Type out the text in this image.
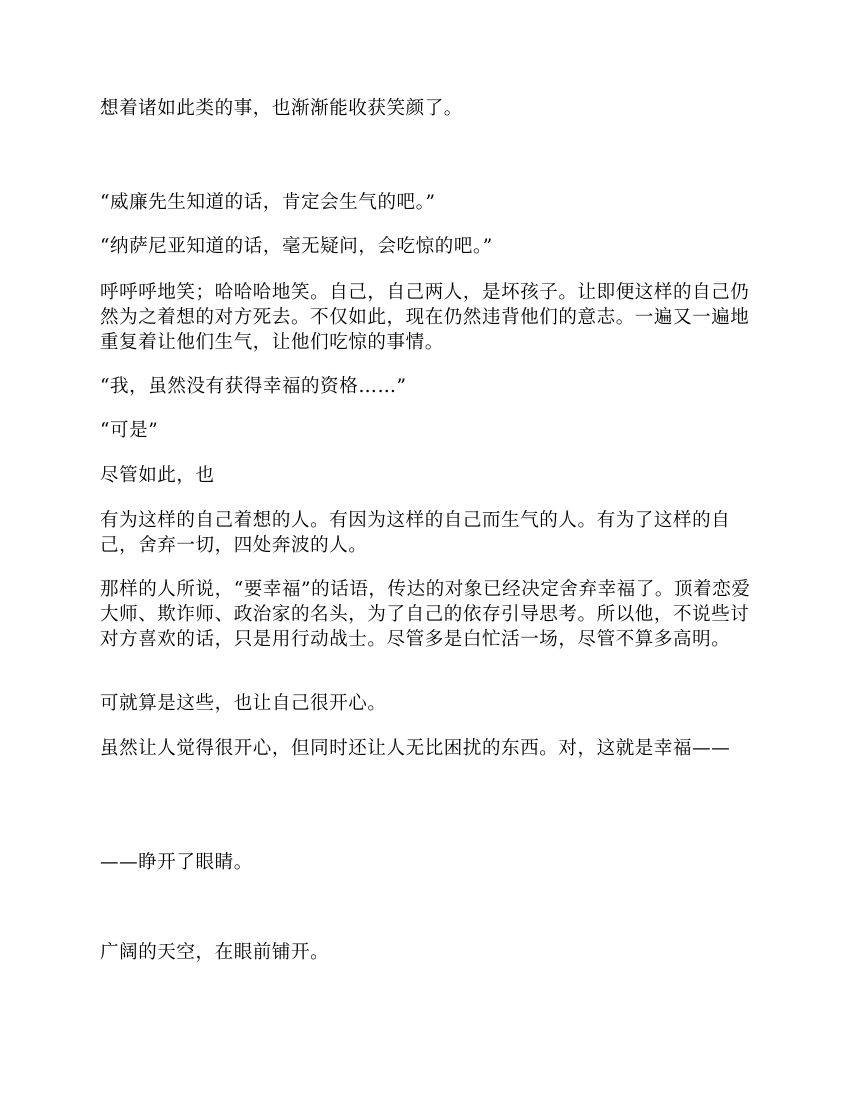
想着诸如此类的事，也渐渐能收获笑颜了。

“威廉先生知道的话，肯定会生气的吧。”

“纳萨尼亚知道的话，毫无疑问，会吃惊的吧。”

呼呼呼地笑；哈哈哈地笑。自己，自己两人，是坏孩子。让即便这样的自己仍然为之着想的对方死去。不仅如此，现在仍然违背他们的意志。一遍又一遍地重复着让他们生气，让他们吃惊的事情。

“我，虽然没有获得幸福的资格……”

“可是”

尽管如此，也

有为这样的自己着想的人。有因为这样的自己而生气的人。有为了这样的自己，舍弃一切，四处奔波的人。

那样的人所说，“要幸福”的话语，传达的对象已经决定舍弃幸福了。顶着恋爱大师、欺诈师、政治家的名头，为了自己的依存引导思考。所以他，不说些讨对方喜欢的话，只是用行动战士。尽管多是白忙活一场，尽管不算多高明。

可就算是这些，也让自己很开心。

虽然让人觉得很开心，但同时还让人无比困扰的东西。对，这就是幸福——

——睁开了眼睛。

广阔的天空，在眼前铺开。
